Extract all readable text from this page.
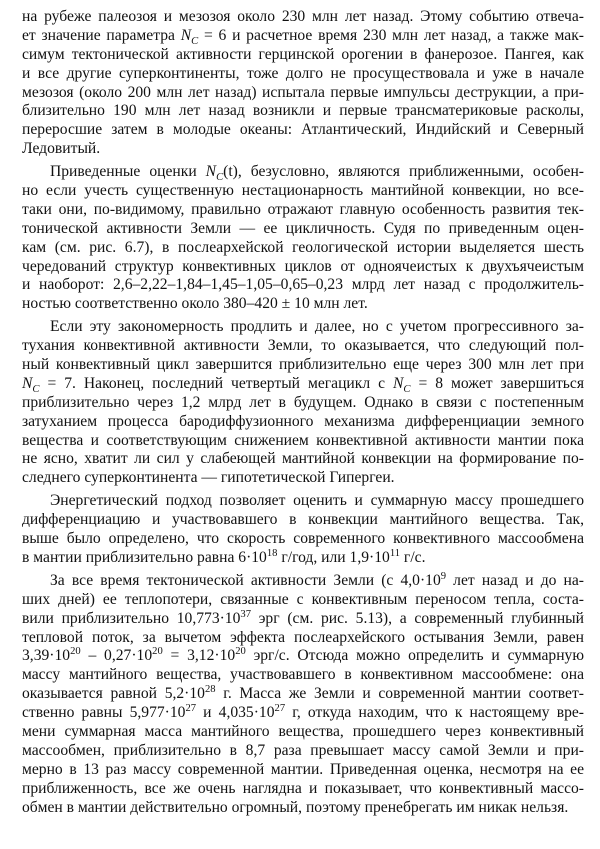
на рубеже палеозоя и мезозоя около 230 млн лет назад. Этому событию отвеча-
ет значение параметра $N_C = 6$ и расчетное время 230 млн лет назад, а также мак-
симум тектонической активности герцинской орогении в фанерозое. Пангея, как
и все другие суперконтиненты, тоже долго не просуществовала и уже в начале
мезозоя (около 200 млн лет назад) испытала первые импульсы деструкции, а при-
близительно 190 млн лет назад возникли и первые трансматериковые расколы,
переросшие затем в молодые океаны: Атлантический, Индийский и Северный
Ледовитый.
Приведенные оценки $N_C(t)$, безусловно, являются приближенными, особен-
но если учесть существенную нестационарность мантийной конвекции, но все-
таки они, по-видимому, правильно отражают главную особенность развития тек-
тонической активности Земли — ее цикличность. Судя по приведенным оцен-
кам (см. рис. 6.7), в послеархейской геологической истории выделяется шесть
чередований структур конвективных циклов от одноячеистых к двухъячеистым
и наоборот: 2,6–2,22–1,84–1,45–1,05–0,65–0,23 млрд лет назад с продолжитель-
ностью соответственно около 380–420 ± 10 млн лет.
Если эту закономерность продлить и далее, но с учетом прогрессивного за-
тухания конвективной активности Земли, то оказывается, что следующий пол-
ный конвективный цикл завершится приблизительно еще через 300 млн лет при
$N_C = 7$. Наконец, последний четвертый мегацикл с $N_C = 8$ может завершиться
приблизительно через 1,2 млрд лет в будущем. Однако в связи с постепенным
затуханием процесса бародиффузионного механизма дифференциации земного
вещества и соответствующим снижением конвективной активности мантии пока
не ясно, хватит ли сил у слабеющей мантийной конвекции на формирование по-
следнего суперконтинента — гипотетической Гипергеи.
Энергетический подход позволяет оценить и суммарную массу прошедшего
дифференциацию и участвовавшего в конвекции мантийного вещества. Так,
выше было определено, что скорость современного конвективного массообмена
в мантии приблизительно равна $6\cdot 10^{18}$ г/год, или $1,9\cdot 10^{11}$ г/с.
За все время тектонической активности Земли (с $4,0\cdot 10^9$ лет назад и до на-
ших дней) ее теплопотери, связанные с конвективным переносом тепла, соста-
вили приблизительно $10,773\cdot 10^{37}$ эрг (см. рис. 5.13), а современный глубинный
тепловой поток, за вычетом эффекта послеархейского остывания Земли, равен
$3,39\cdot 10^{20} - 0,27\cdot 10^{20} = 3,12\cdot 10^{20}$ эрг/с. Отсюда можно определить и суммарную
массу мантийного вещества, участвовавшего в конвективном массообмене: она
оказывается равной $5,2\cdot 10^{28}$ г. Масса же Земли и современной мантии соответ-
ственно равны $5,977\cdot 10^{27}$ и $4,035\cdot 10^{27}$ г, откуда находим, что к настоящему вре-
мени суммарная масса мантийного вещества, прошедшего через конвективный
массообмен, приблизительно в 8,7 раза превышает массу самой Земли и при-
мерно в 13 раз массу современной мантии. Приведенная оценка, несмотря на ее
приближенность, все же очень наглядна и показывает, что конвективный массо-
обмен в мантии действительно огромный, поэтому пренебрегать им никак нельзя.
